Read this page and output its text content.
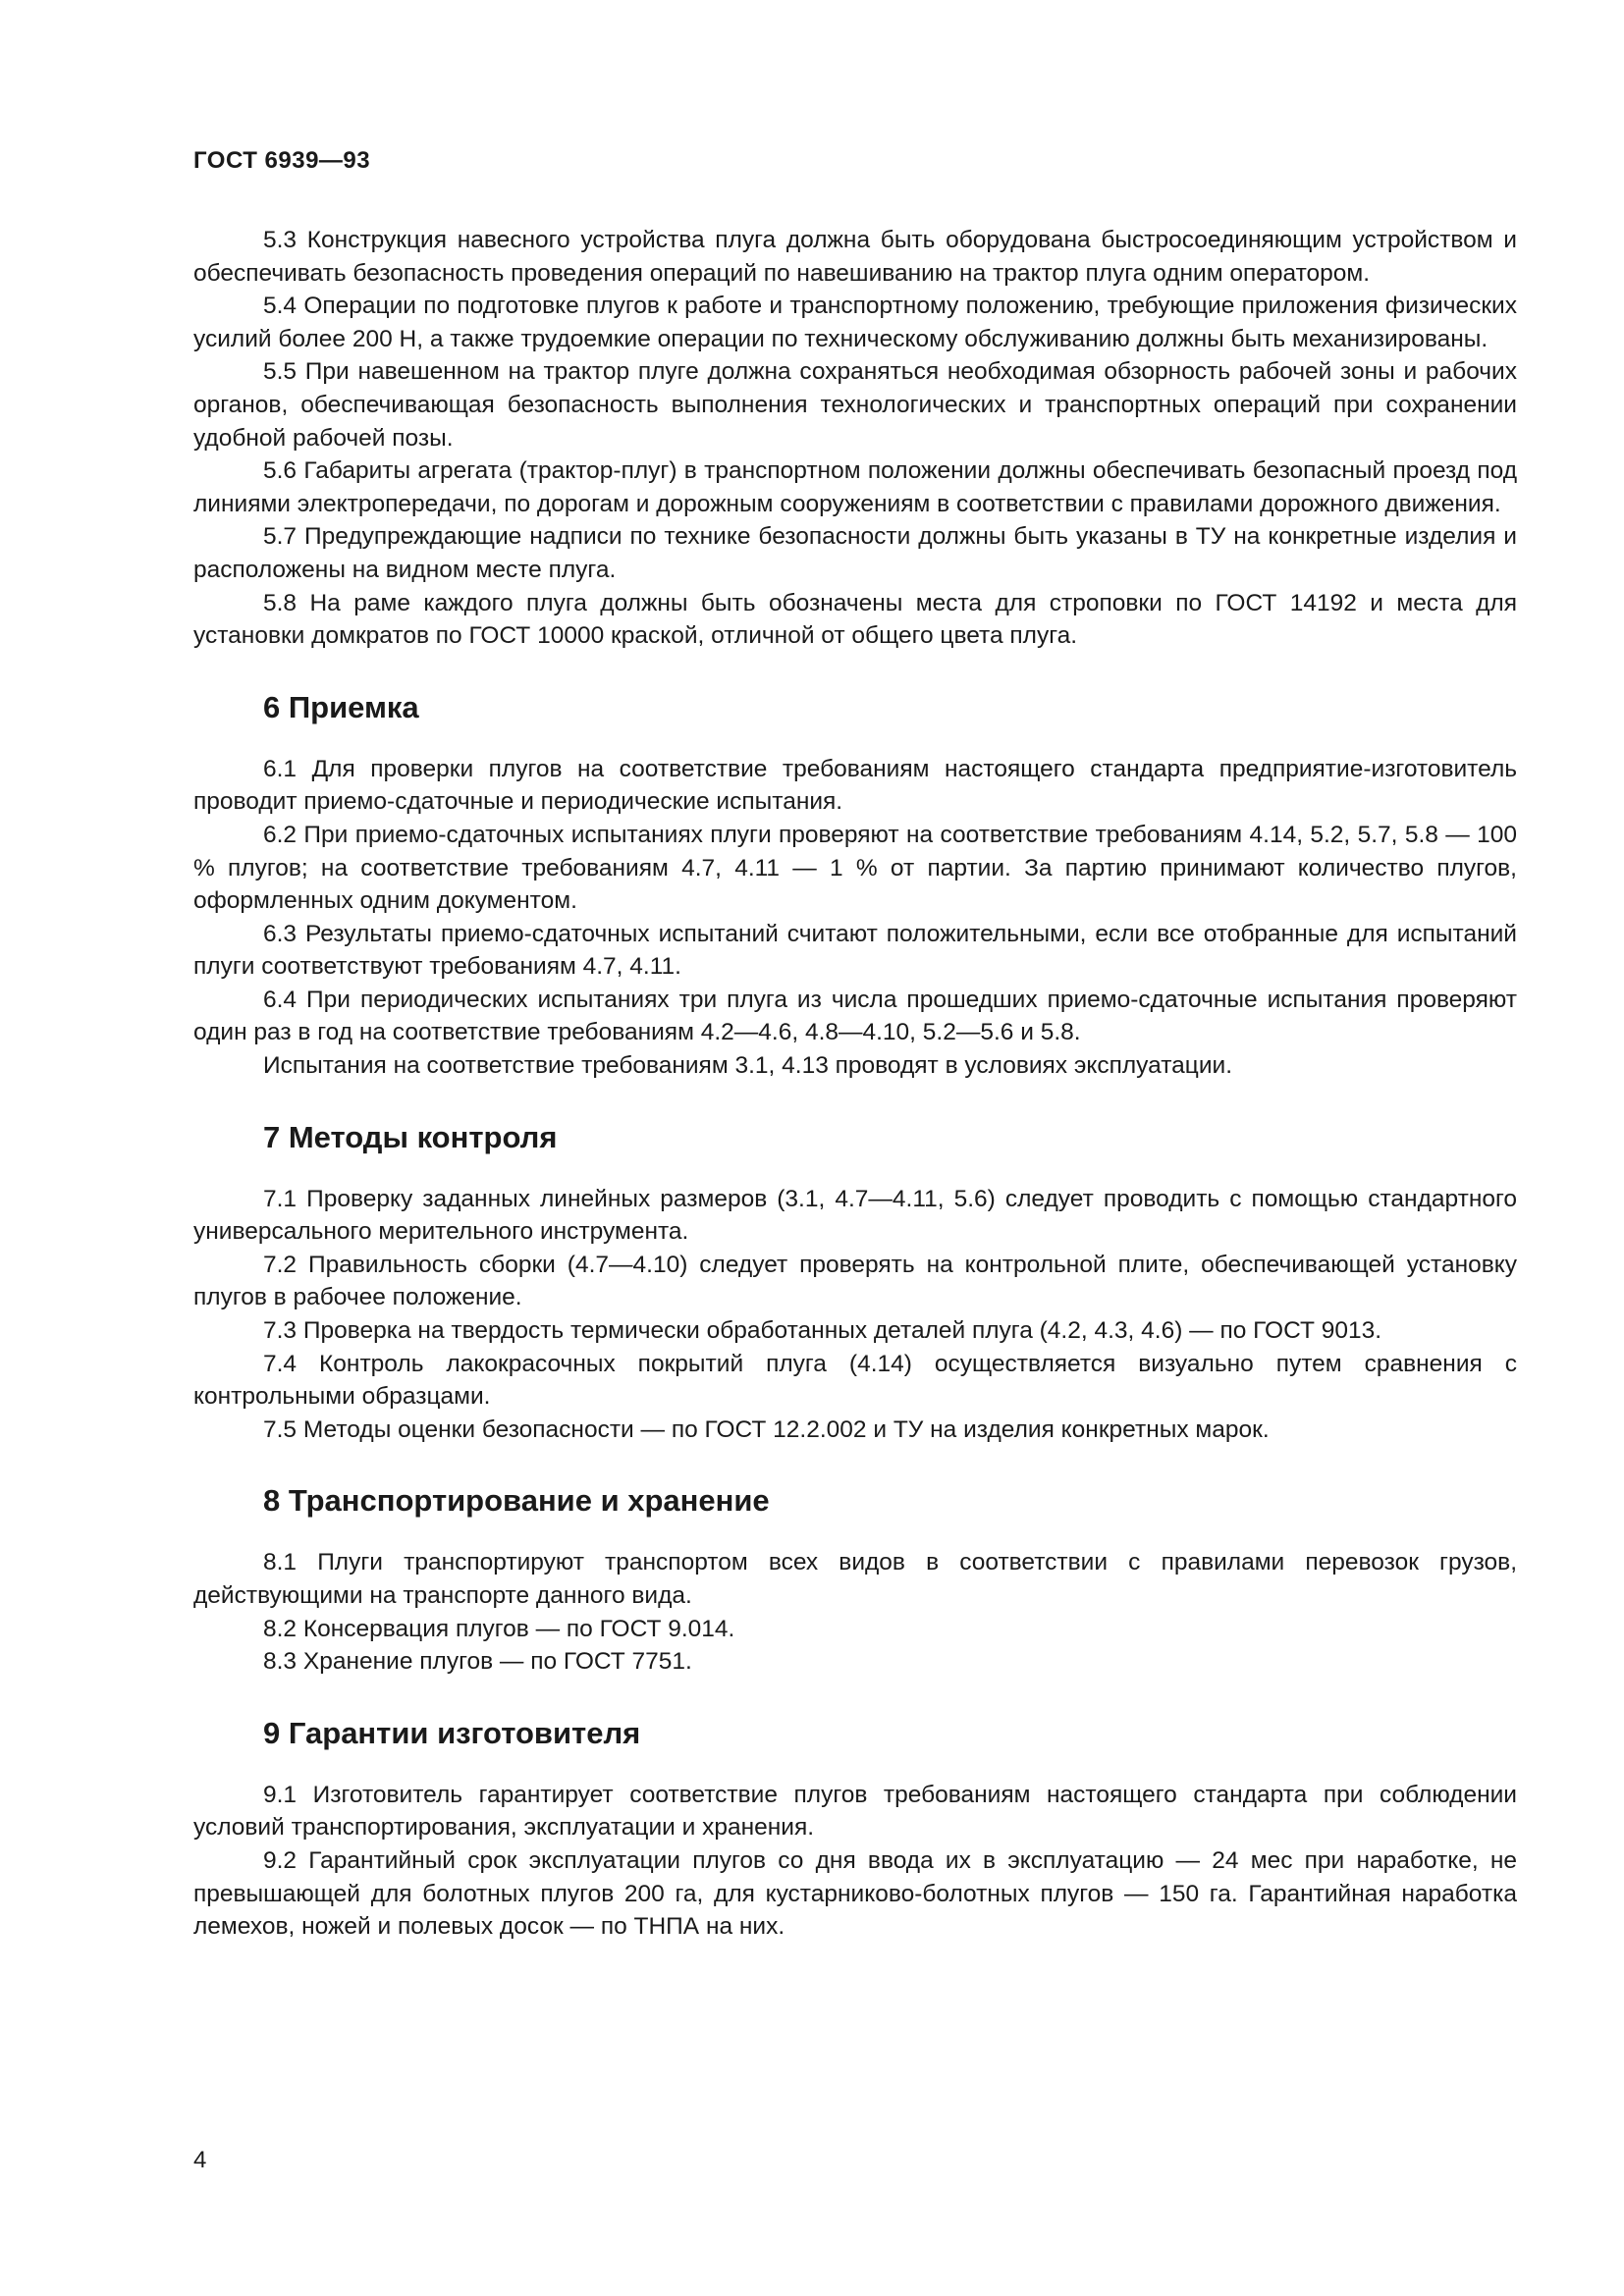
ГОСТ 6939—93

5.3 Конструкция навесного устройства плуга должна быть оборудована быстросоединяющим устройством и обеспечивать безопасность проведения операций по навешиванию на трактор плуга одним оператором.

5.4 Операции по подготовке плугов к работе и транспортному положению, требующие приложения физических усилий более 200 Н, а также трудоемкие операции по техническому обслуживанию должны быть механизированы.

5.5 При навешенном на трактор плуге должна сохраняться необходимая обзорность рабочей зоны и рабочих органов, обеспечивающая безопасность выполнения технологических и транспортных операций при сохранении удобной рабочей позы.

5.6 Габариты агрегата (трактор-плуг) в транспортном положении должны обеспечивать безопасный проезд под линиями электропередачи, по дорогам и дорожным сооружениям в соответствии с правилами дорожного движения.

5.7 Предупреждающие надписи по технике безопасности должны быть указаны в ТУ на конкретные изделия и расположены на видном месте плуга.

5.8 На раме каждого плуга должны быть обозначены места для строповки по ГОСТ 14192 и места для установки домкратов по ГОСТ 10000 краской, отличной от общего цвета плуга.

6 Приемка

6.1 Для проверки плугов на соответствие требованиям настоящего стандарта предприятие-изготовитель проводит приемо-сдаточные и периодические испытания.

6.2 При приемо-сдаточных испытаниях плуги проверяют на соответствие требованиям 4.14, 5.2, 5.7, 5.8 — 100 % плугов; на соответствие требованиям 4.7, 4.11 — 1 % от партии. За партию принимают количество плугов, оформленных одним документом.

6.3 Результаты приемо-сдаточных испытаний считают положительными, если все отобранные для испытаний плуги соответствуют требованиям 4.7, 4.11.

6.4 При периодических испытаниях три плуга из числа прошедших приемо-сдаточные испытания проверяют один раз в год на соответствие требованиям 4.2—4.6, 4.8—4.10, 5.2—5.6 и 5.8.

Испытания на соответствие требованиям 3.1, 4.13 проводят в условиях эксплуатации.

7 Методы контроля

7.1 Проверку заданных линейных размеров (3.1, 4.7—4.11, 5.6) следует проводить с помощью стандартного универсального мерительного инструмента.

7.2 Правильность сборки (4.7—4.10) следует проверять на контрольной плите, обеспечивающей установку плугов в рабочее положение.

7.3 Проверка на твердость термически обработанных деталей плуга (4.2, 4.3, 4.6) — по ГОСТ 9013.

7.4 Контроль лакокрасочных покрытий плуга (4.14) осуществляется визуально путем сравнения с контрольными образцами.

7.5 Методы оценки безопасности — по ГОСТ 12.2.002 и ТУ на изделия конкретных марок.

8 Транспортирование и хранение

8.1 Плуги транспортируют транспортом всех видов в соответствии с правилами перевозок грузов, действующими на транспорте данного вида.

8.2 Консервация плугов — по ГОСТ 9.014.

8.3 Хранение плугов — по ГОСТ 7751.

9 Гарантии изготовителя

9.1 Изготовитель гарантирует соответствие плугов требованиям настоящего стандарта при соблюдении условий транспортирования, эксплуатации и хранения.

9.2 Гарантийный срок эксплуатации плугов со дня ввода их в эксплуатацию — 24 мес при наработке, не превышающей для болотных плугов 200 га, для кустарниково-болотных плугов — 150 га. Гарантийная наработка лемехов, ножей и полевых досок — по ТНПА на них.

4
